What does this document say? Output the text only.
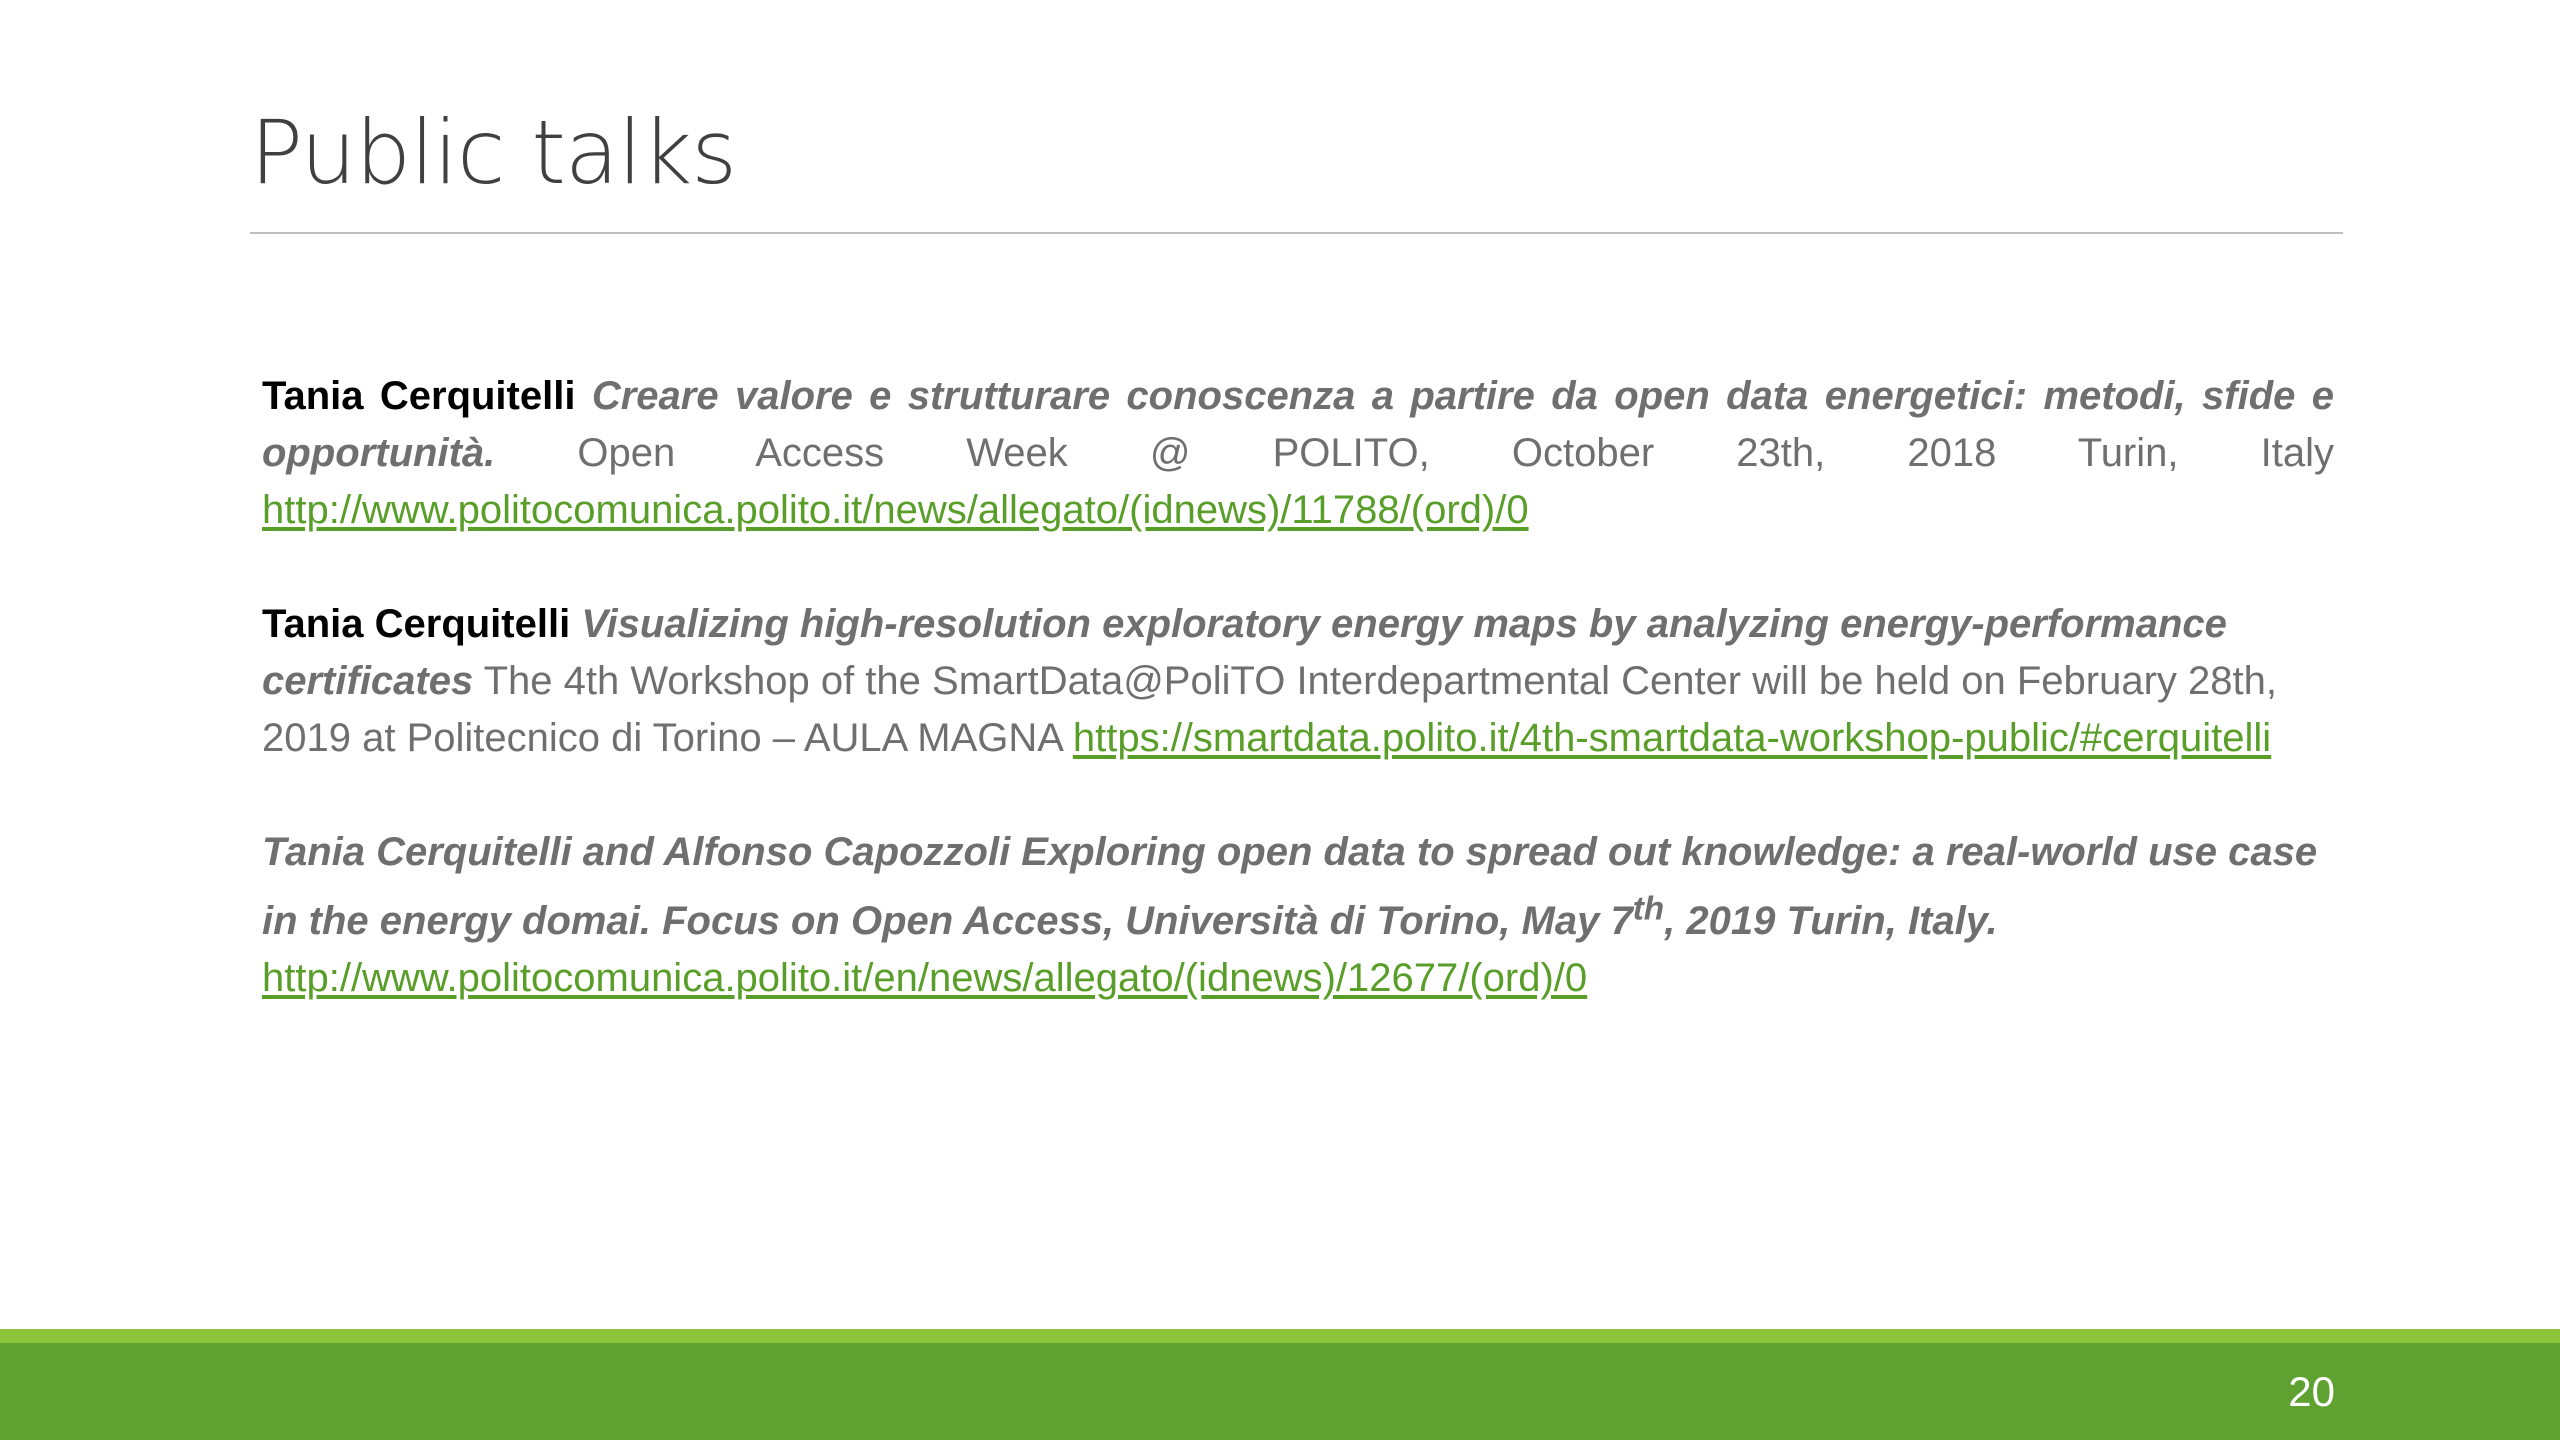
Public talks

Tania Cerquitelli Creare valore e strutturare conoscenza a partire da open data energetici: metodi, sfide e opportunità. Open Access Week @ POLITO, October 23th, 2018 Turin, Italy http://www.politocomunica.polito.it/news/allegato/(idnews)/11788/(ord)/0

Tania Cerquitelli Visualizing high-resolution exploratory energy maps by analyzing energy-performance certificates The 4th Workshop of the SmartData@PoliTO Interdepartmental Center will be held on February 28th, 2019 at Politecnico di Torino – AULA MAGNA https://smartdata.polito.it/4th-smartdata-workshop-public/#cerquitelli

Tania Cerquitelli and Alfonso Capozzoli Exploring open data to spread out knowledge: a real-world use case in the energy domai. Focus on Open Access, Università di Torino, May 7th, 2019 Turin, Italy.
http://www.politocomunica.polito.it/en/news/allegato/(idnews)/12677/(ord)/0

20
